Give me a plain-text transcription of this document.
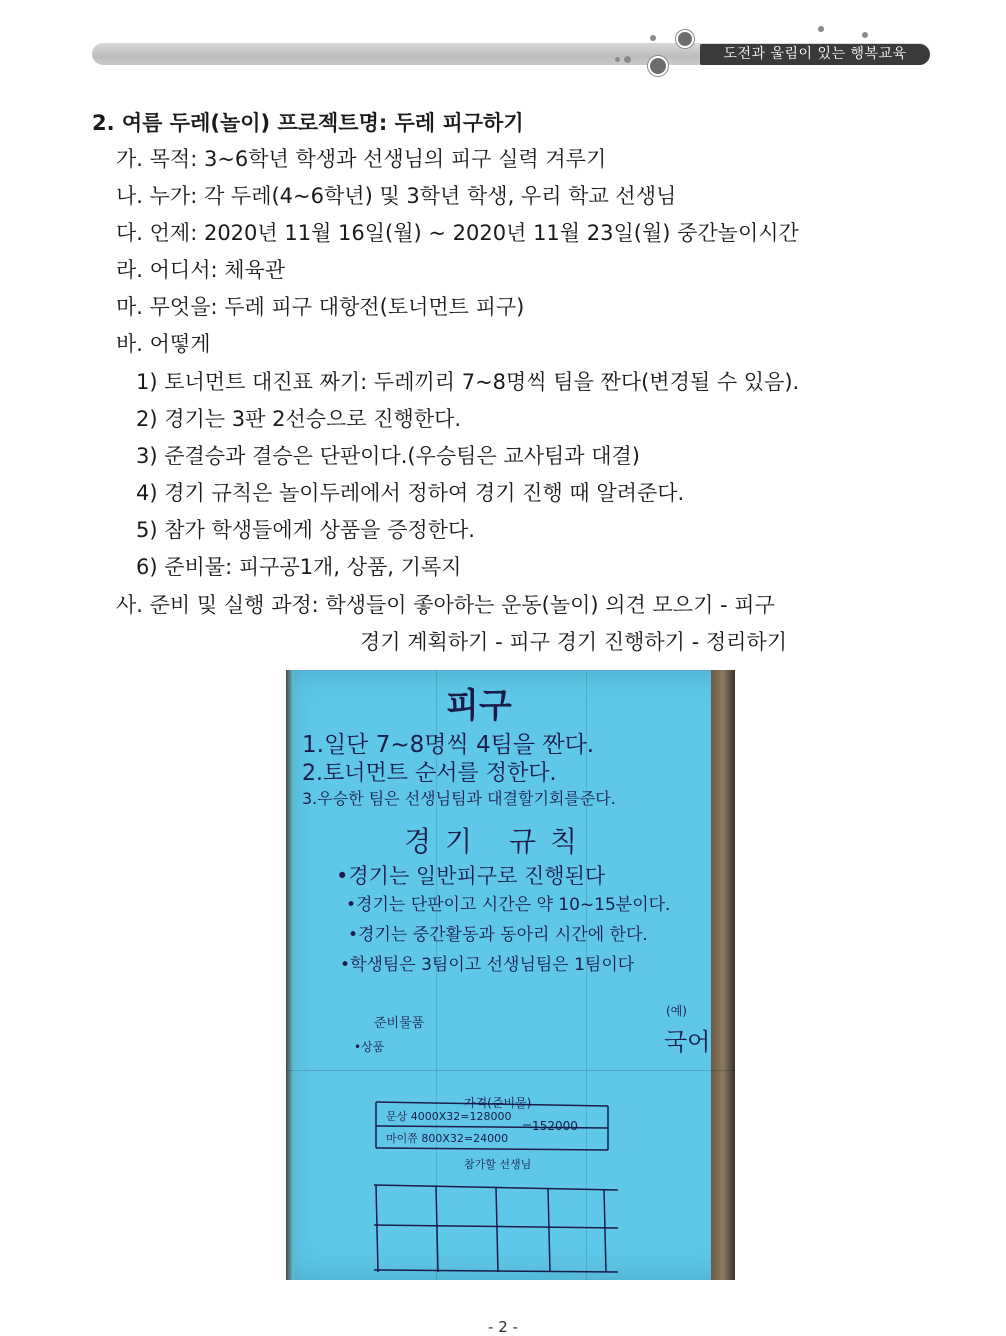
도전과 울림이 있는 행복교육
2. 여름 두레(놀이) 프로젝트명: 두레 피구하기
가. 목적: 3~6학년 학생과 선생님의 피구 실력 겨루기
나. 누가: 각 두레(4~6학년) 및 3학년 학생, 우리 학교 선생님
다. 언제: 2020년 11월 16일(월) ~ 2020년 11월 23일(월) 중간놀이시간
라. 어디서: 체육관
마. 무엇을: 두레 피구 대항전(토너먼트 피구)
바. 어떻게
1) 토너먼트 대진표 짜기: 두레끼리 7~8명씩 팀을 짠다(변경될 수 있음).
2) 경기는 3판 2선승으로 진행한다.
3) 준결승과 결승은 단판이다.(우승팀은 교사팀과 대결)
4) 경기 규칙은 놀이두레에서 정하여 경기 진행 때 알려준다.
5) 참가 학생들에게 상품을 증정한다.
6) 준비물: 피구공1개, 상품, 기록지
사. 준비 및 실행 과정: 학생들이 좋아하는 운동(놀이) 의견 모으기 - 피구
경기 계획하기 - 피구 경기 진행하기 - 정리하기
피구
1.일단 7~8명씩 4팀을 짠다.
2.토너먼트 순서를 정한다.
3.우승한 팀은 선생님팀과 대결할기회를준다.
경기 규칙
•경기는 일반피구로 진행된다
•경기는 단판이고 시간은 약 10~15분이다.
•경기는 중간활동과 동아리 시간에 한다.
•학생팀은 3팀이고 선생님팀은 1팀이다
준비물품
•상품
(예)
국어
가격(준비물)
문상 4000X32=128000
마이쮸 800X32=24000
=152000
참가할 선생님
- 2 -
